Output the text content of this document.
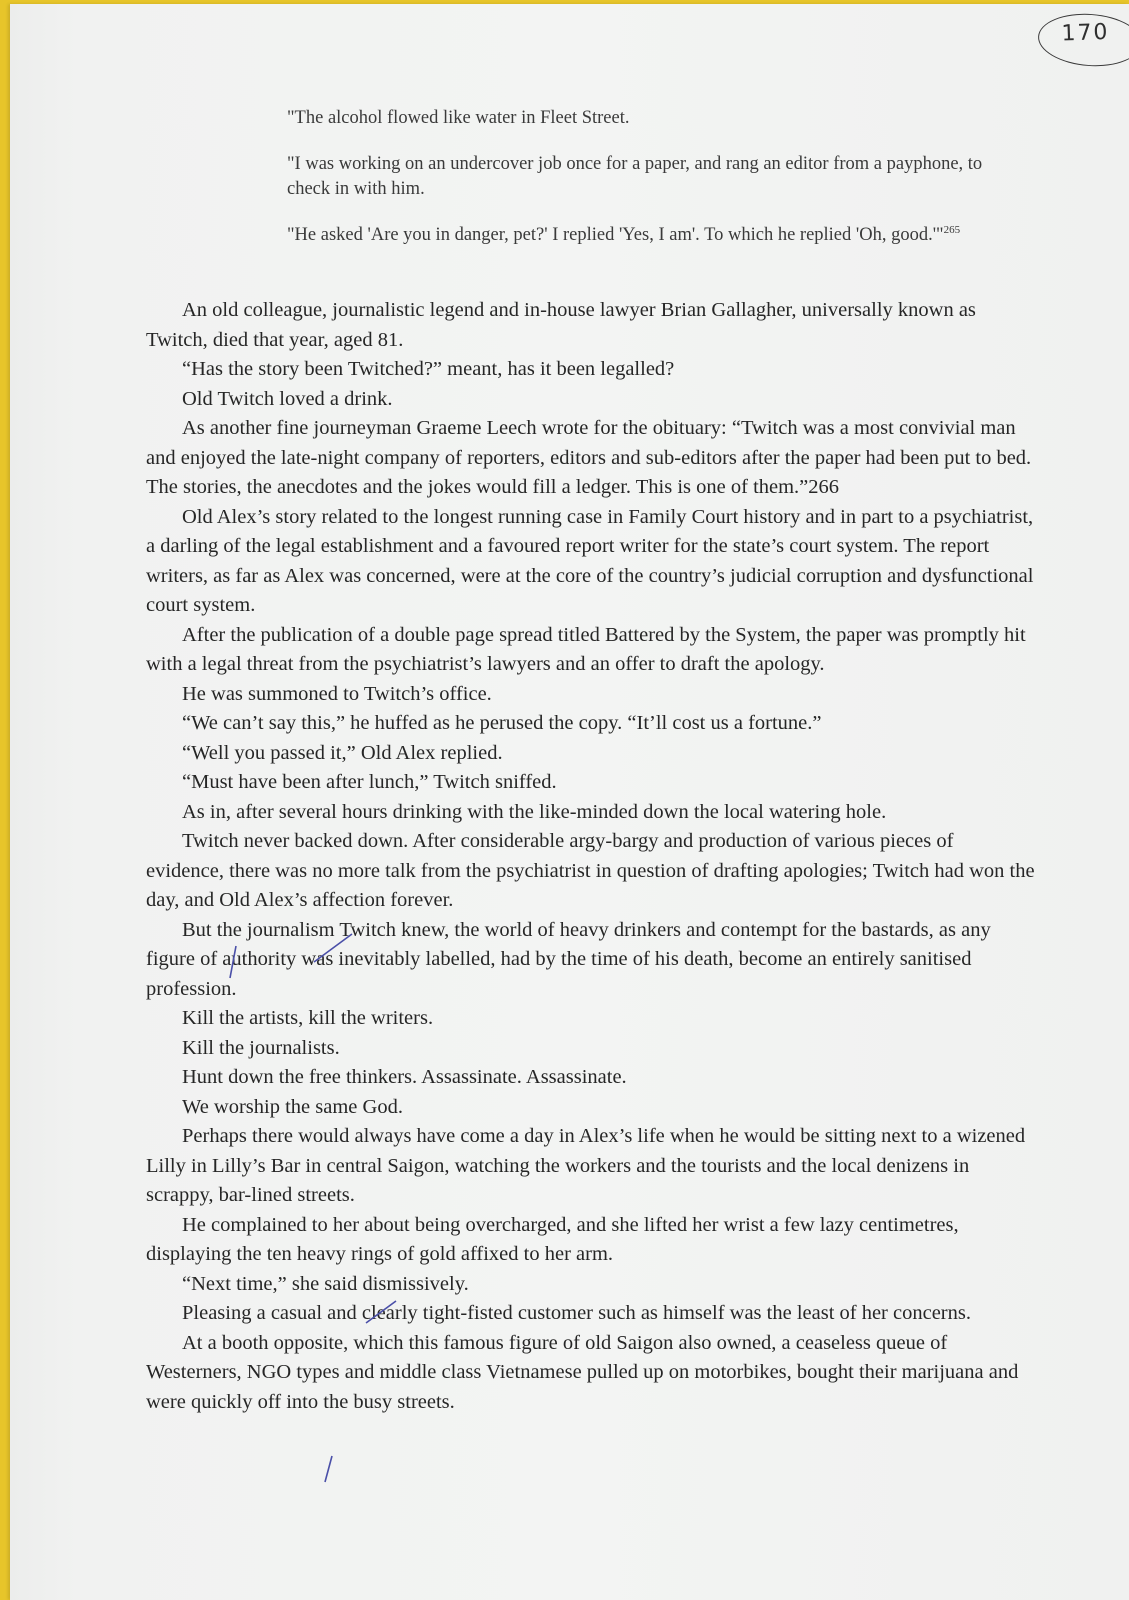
170

"The alcohol flowed like water in Fleet Street.

"I was working on an undercover job once for a paper, and rang an editor from a payphone, to check in with him.

"He asked 'Are you in danger, pet?' I replied 'Yes, I am'. To which he replied 'Oh, good.'"$^{265}$

An old colleague, journalistic legend and in-house lawyer Brian Gallagher, universally known as Twitch, died that year, aged 81.

“Has the story been Twitched?” meant, has it been legalled?

Old Twitch loved a drink.

As another fine journeyman Graeme Leech wrote for the obituary: “Twitch was a most convivial man and enjoyed the late-night company of reporters, editors and sub-editors after the paper had been put to bed. The stories, the anecdotes and the jokes would fill a ledger. This is one of them.”266

Old Alex’s story related to the longest running case in Family Court history and in part to a psychiatrist, a darling of the legal establishment and a favoured report writer for the state’s court system. The report writers, as far as Alex was concerned, were at the core of the country’s judicial corruption and dysfunctional court system.

After the publication of a double page spread titled Battered by the System, the paper was promptly hit with a legal threat from the psychiatrist’s lawyers and an offer to draft the apology.

He was summoned to Twitch’s office.

“We can’t say this,” he huffed as he perused the copy. “It’ll cost us a fortune.”

“Well you passed it,” Old Alex replied.

“Must have been after lunch,” Twitch sniffed.

As in, after several hours drinking with the like-minded down the local watering hole.

Twitch never backed down. After considerable argy-bargy and production of various pieces of evidence, there was no more talk from the psychiatrist in question of drafting apologies; Twitch had won the day, and Old Alex’s affection forever.

But the journalism Twitch knew, the world of heavy drinkers and contempt for the bastards, as any figure of authority was inevitably labelled, had by the time of his death, become an entirely sanitised profession.

Kill the artists, kill the writers.

Kill the journalists.

Hunt down the free thinkers. Assassinate. Assassinate.

We worship the same God.

Perhaps there would always have come a day in Alex’s life when he would be sitting next to a wizened Lilly in Lilly’s Bar in central Saigon, watching the workers and the tourists and the local denizens in scrappy, bar-lined streets.

He complained to her about being overcharged, and she lifted her wrist a few lazy centimetres, displaying the ten heavy rings of gold affixed to her arm.

“Next time,” she said dismissively.

Pleasing a casual and clearly tight-fisted customer such as himself was the least of her concerns.

At a booth opposite, which this famous figure of old Saigon also owned, a ceaseless queue of Westerners, NGO types and middle class Vietnamese pulled up on motorbikes, bought their marijuana and were quickly off into the busy streets.
